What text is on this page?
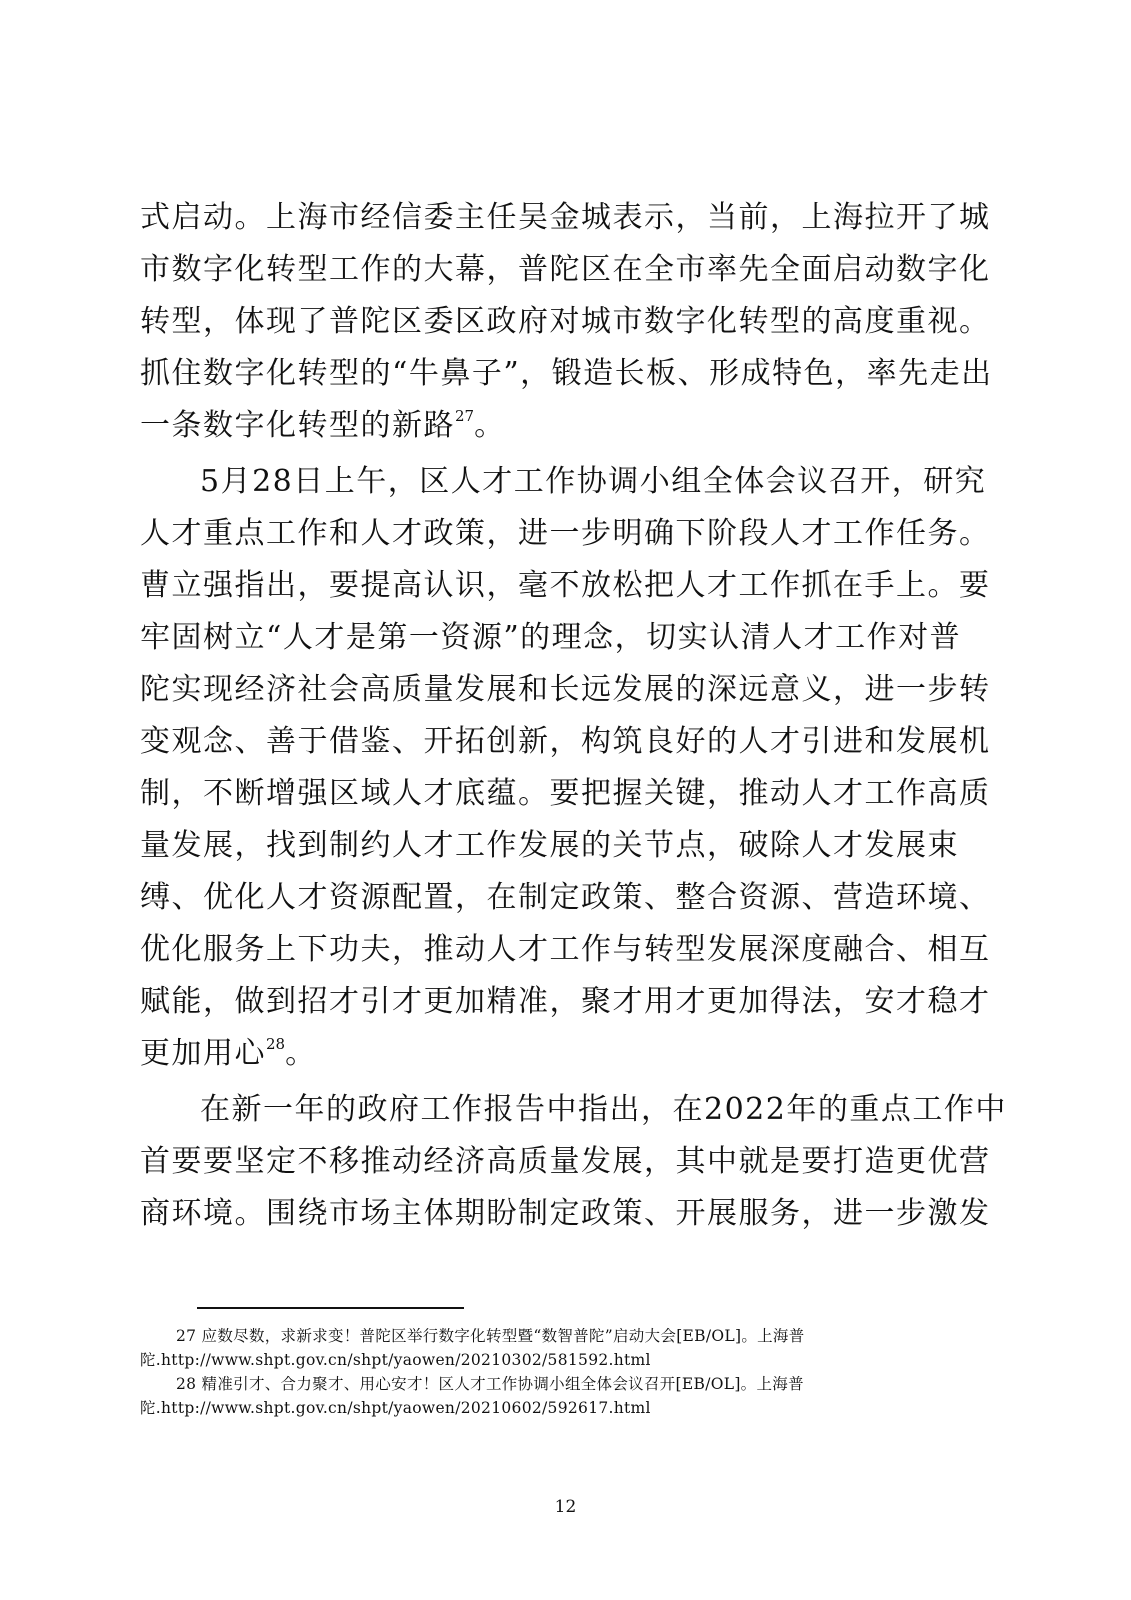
式启动。上海市经信委主任吴金城表示，当前，上海拉开了城
市数字化转型工作的大幕，普陀区在全市率先全面启动数字化
转型，体现了普陀区委区政府对城市数字化转型的高度重视。
抓住数字化转型的“牛鼻子”，锻造长板、形成特色，率先走出
一条数字化转型的新路$^{27}$。
5月28日上午，区人才工作协调小组全体会议召开，研究
人才重点工作和人才政策，进一步明确下阶段人才工作任务。
曹立强指出，要提高认识，毫不放松把人才工作抓在手上。要
牢固树立“人才是第一资源”的理念，切实认清人才工作对普
陀实现经济社会高质量发展和长远发展的深远意义，进一步转
变观念、善于借鉴、开拓创新，构筑良好的人才引进和发展机
制，不断增强区域人才底蕴。要把握关键，推动人才工作高质
量发展，找到制约人才工作发展的关节点，破除人才发展束
缚、优化人才资源配置，在制定政策、整合资源、营造环境、
优化服务上下功夫，推动人才工作与转型发展深度融合、相互
赋能，做到招才引才更加精准，聚才用才更加得法，安才稳才
更加用心$^{28}$。
在新一年的政府工作报告中指出，在2022年的重点工作中
首要要坚定不移推动经济高质量发展，其中就是要打造更优营
商环境。围绕市场主体期盼制定政策、开展服务，进一步激发
27 应数尽数，求新求变！普陀区举行数字化转型暨“数智普陀”启动大会[EB/OL]。上海普
陀.http://www.shpt.gov.cn/shpt/yaowen/20210302/581592.html
28 精准引才、合力聚才、用心安才！区人才工作协调小组全体会议召开[EB/OL]。上海普
陀.http://www.shpt.gov.cn/shpt/yaowen/20210602/592617.html
12
